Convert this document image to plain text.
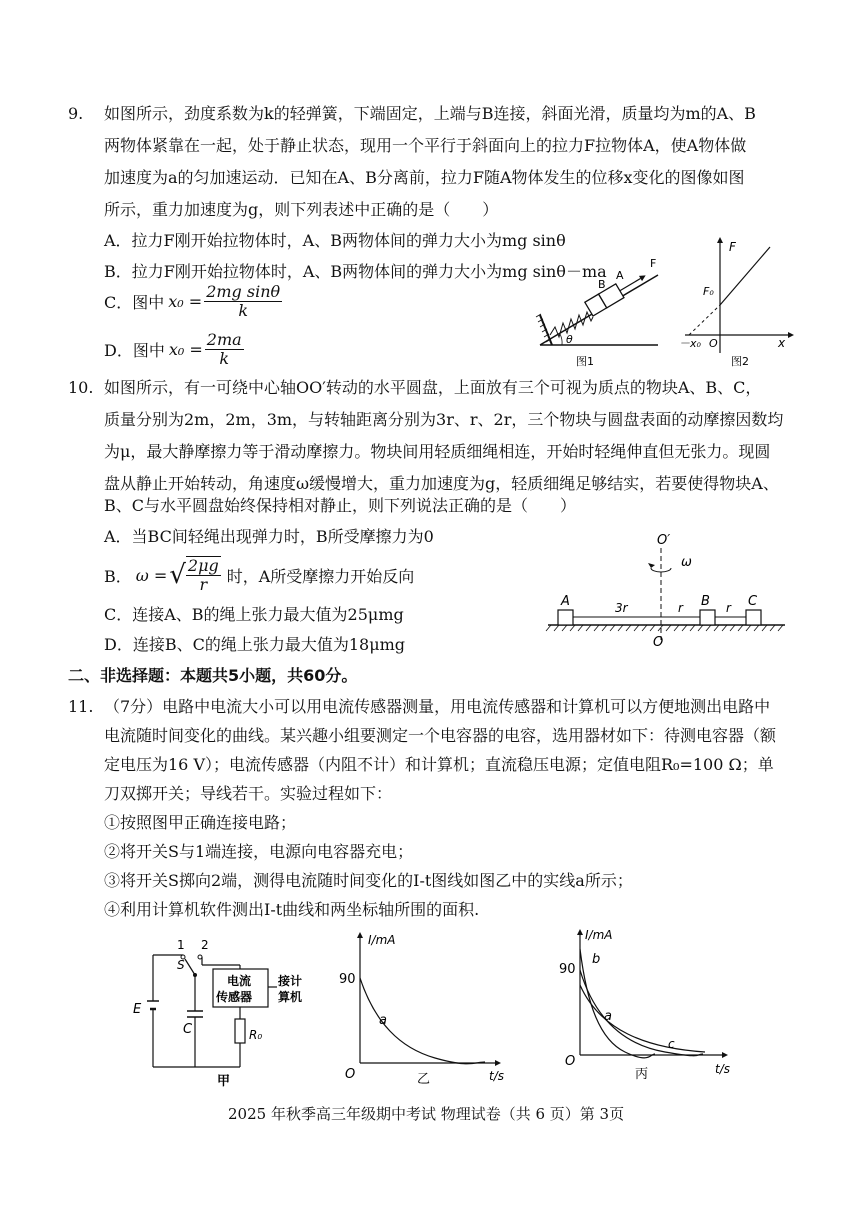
9. 如图所示，劲度系数为k的轻弹簧，下端固定，上端与B连接，斜面光滑，质量均为m的A、B
两物体紧靠在一起，处于静止状态，现用一个平行于斜面向上的拉力F拉物体A，使A物体做
加速度为a的匀加速运动．已知在A、B分离前，拉力F随A物体发生的位移x变化的图像如图
所示，重力加速度为g，则下列表述中正确的是（　　）
A．拉力F刚开始拉物体时，A、B两物体间的弹力大小为mg sinθ
B．拉力F刚开始拉物体时，A、B两物体间的弹力大小为mg sinθ－ma
C．图中 $x_0 = \frac{\text{2mg sinθ}}{k}$
D．图中 $x_0 = \frac{2ma}{k}$
B
A
F
θ
图1
F
F₀
－x₀ O	x
图2
10. 如图所示，有一可绕中心轴OO′转动的水平圆盘，上面放有三个可视为质点的物块A、B、C，
质量分别为2m，2m，3m，与转轴距离分别为3r、r、2r，三个物块与圆盘表面的动摩擦因数均
为μ，最大静摩擦力等于滑动摩擦力。物块间用轻质细绳相连，开始时轻绳伸直但无张力。现圆
盘从静止开始转动，角速度ω缓慢增大，重力加速度为g，轻质细绳足够结实，若要使得物块A、
B、C与水平圆盘始终保持相对静止，则下列说法正确的是（　　）
A．当BC间轻绳出现弹力时，B所受摩擦力为0
B． ω = √ $\frac{2\mu g}{r}$ 时，A所受摩擦力开始反向
C．连接A、B的绳上张力最大值为25μmg
D．连接B、C的绳上张力最大值为18μmg
O′
ω
A	B	C
3r	r	r
O
二、非选择题：本题共5小题，共60分。
11. （7分）电路中电流大小可以用电流传感器测量，用电流传感器和计算机可以方便地测出电路中
电流随时间变化的曲线。某兴趣小组要测定一个电容器的电容，选用器材如下：待测电容器（额
定电压为16 V）；电流传感器（内阻不计）和计算机；直流稳压电源；定值电阻R₀=100 Ω；单
刀双掷开关；导线若干。实验过程如下：
①按照图甲正确连接电路；
②将开关S与1端连接，电源向电容器充电；
③将开关S掷向2端，测得电流随时间变化的I-t图线如图乙中的实线a所示；
④利用计算机软件测出I-t曲线和两坐标轴所围的面积.
1 2
S
E
C
电流
传感器
接计
算机
R₀
甲
I/mA
90
a
O	t/s
乙
I/mA
90
b
a
c
O	t/s
丙
2025 年秋季高三年级期中考试 物理试卷（共 6 页）第 3页
